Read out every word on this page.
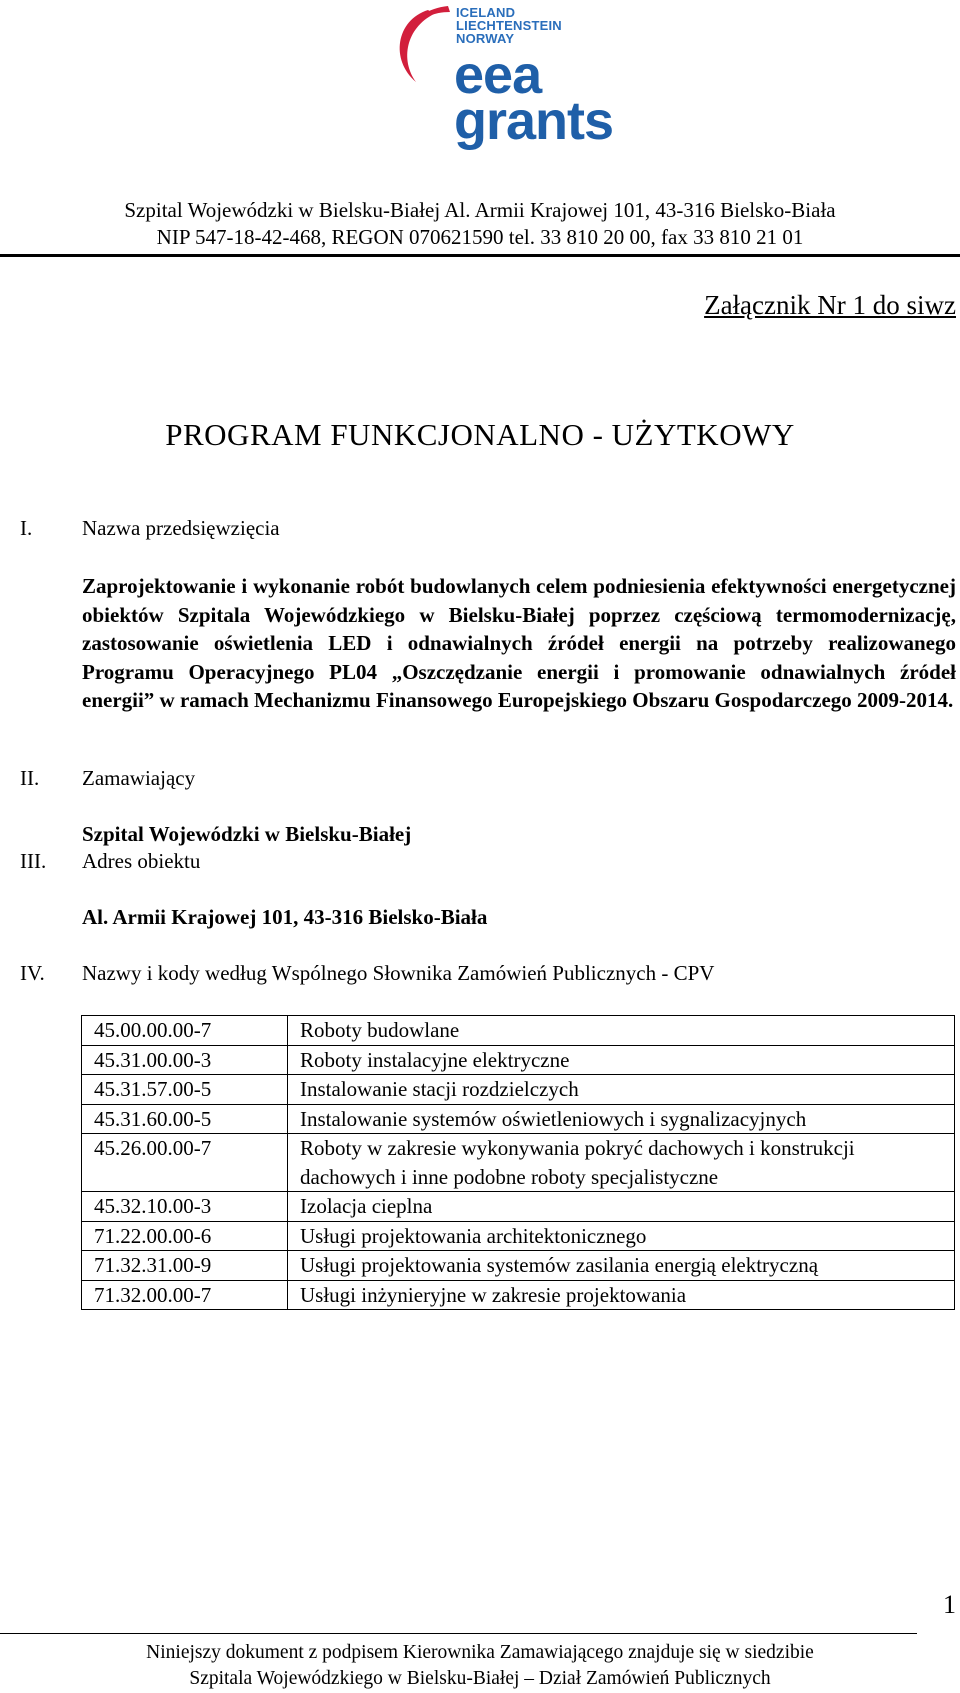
ICELAND
LIECHTENSTEIN
NORWAY
eea
grants
Szpital Wojewódzki w Bielsku-Białej Al. Armii Krajowej 101, 43-316 Bielsko-Biała
NIP 547-18-42-468, REGON 070621590 tel. 33 810 20 00, fax 33 810 21 01
Załącznik Nr 1 do siwz
PROGRAM FUNKCJONALNO - UŻYTKOWY
I. Nazwa przedsięwzięcia
Zaprojektowanie i wykonanie robót budowlanych celem podniesienia efektywności energetycznej obiektów Szpitala Wojewódzkiego w Bielsku-Białej poprzez częściową termomodernizację, zastosowanie oświetlenia LED i odnawialnych źródeł energii na potrzeby realizowanego Programu Operacyjnego PL04 „Oszczędzanie energii i promowanie odnawialnych źródeł energii” w ramach Mechanizmu Finansowego Europejskiego Obszaru Gospodarczego 2009-2014.
II. Zamawiający
Szpital Wojewódzki w Bielsku-Białej
III. Adres obiektu
Al. Armii Krajowej 101, 43-316 Bielsko-Biała
IV. Nazwy i kody według Wspólnego Słownika Zamówień Publicznych - CPV
45.00.00.00-7	Roboty budowlane
45.31.00.00-3	Roboty instalacyjne elektryczne
45.31.57.00-5	Instalowanie stacji rozdzielczych
45.31.60.00-5	Instalowanie systemów oświetleniowych i sygnalizacyjnych
45.26.00.00-7	Roboty w zakresie wykonywania pokryć dachowych i konstrukcji dachowych i inne podobne roboty specjalistyczne
45.32.10.00-3	Izolacja cieplna
71.22.00.00-6	Usługi projektowania architektonicznego
71.32.31.00-9	Usługi projektowania systemów zasilania energią elektryczną
71.32.00.00-7	Usługi inżynieryjne w zakresie projektowania
1
Niniejszy dokument z podpisem Kierownika Zamawiającego znajduje się w siedzibie
Szpitala Wojewódzkiego w Bielsku-Białej – Dział Zamówień Publicznych
